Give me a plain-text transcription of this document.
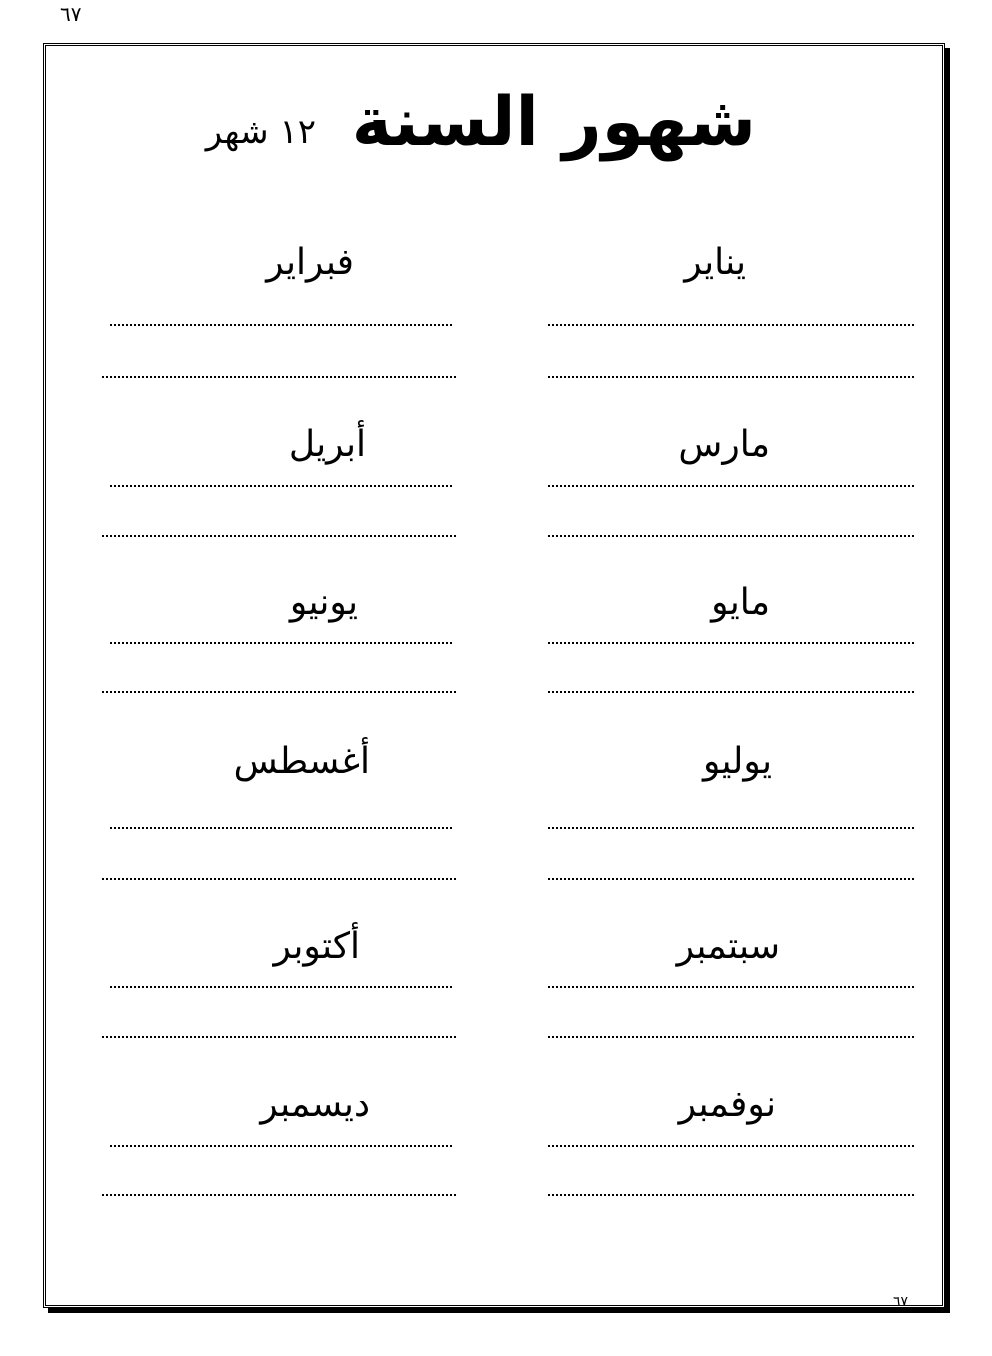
٦٧
شهور السنة
١٢ شهر
يناير
فبراير
مارس
أبريل
مايو
يونيو
يوليو
أغسطس
سبتمبر
أكتوبر
نوفمبر
ديسمبر
٦٧
